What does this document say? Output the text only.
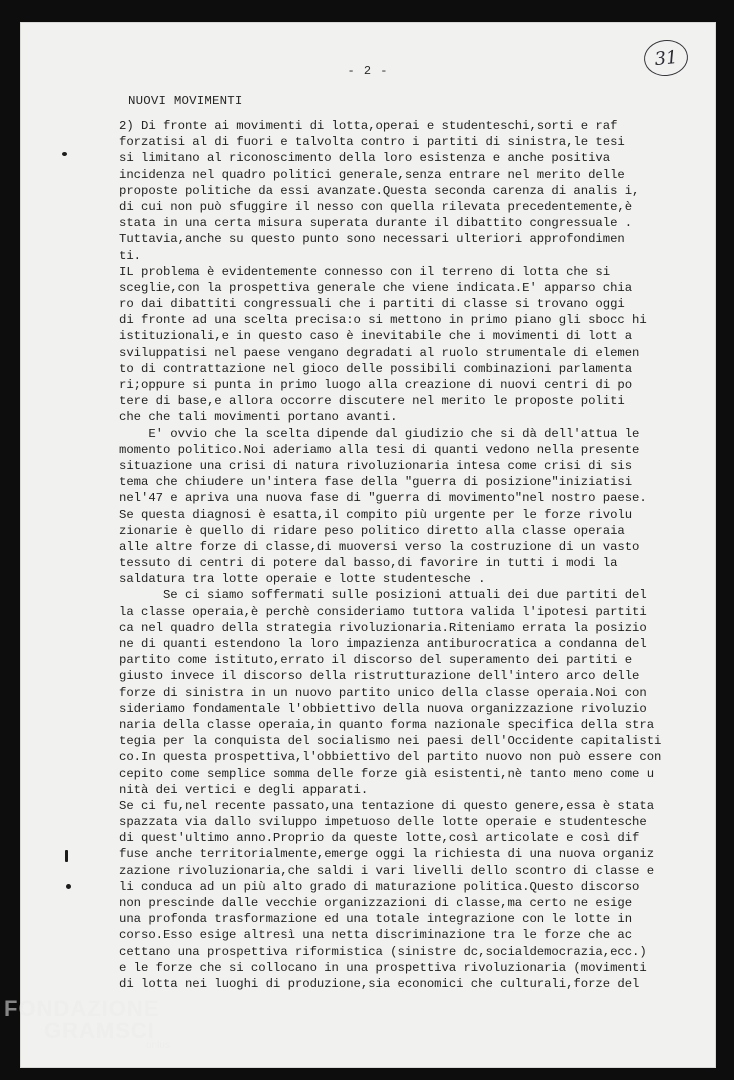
- 2 -
31
NUOVI MOVIMENTI
2) Di fronte ai movimenti di lotta,operai e studenteschi,sorti e raf
forzatisi al di fuori e talvolta contro i partiti di sinistra,le tesi
si limitano al riconoscimento della loro esistenza e anche positiva
incidenza nel quadro politici generale,senza entrare nel merito delle
proposte politiche da essi avanzate.Questa seconda carenza di analis i,
di cui non può sfuggire il nesso con quella rilevata precedentemente,è
stata in una certa misura superata durante il dibattito congressuale .
Tuttavia,anche su questo punto sono necessari ulteriori approfondimen
ti.
IL problema è evidentemente connesso con il terreno di lotta che si
sceglie,con la prospettiva generale che viene indicata.E' apparso chia
ro dai dibattiti congressuali che i partiti di classe si trovano oggi
di fronte ad una scelta precisa:o si mettono in primo piano gli sbocc hi
istituzionali,e in questo caso è inevitabile che i movimenti di lott a
sviluppatisi nel paese vengano degradati al ruolo strumentale di elemen
to di contrattazione nel gioco delle possibili combinazioni parlamenta
ri;oppure si punta in primo luogo alla creazione di nuovi centri di po
tere di base,e allora occorre discutere nel merito le proposte politi
che che tali movimenti portano avanti.
E' ovvio che la scelta dipende dal giudizio che si dà dell'attua le
momento politico.Noi aderiamo alla tesi di quanti vedono nella presente
situazione una crisi di natura rivoluzionaria intesa come crisi di sis
tema che chiudere un'intera fase della "guerra di posizione"iniziatisi
nel'47 e apriva una nuova fase di "guerra di movimento"nel nostro paese.
Se questa diagnosi è esatta,il compito più urgente per le forze rivolu
zionarie è quello di ridare peso politico diretto alla classe operaia
alle altre forze di classe,di muoversi verso la costruzione di un vasto
tessuto di centri di potere dal basso,di favorire in tutti i modi la
saldatura tra lotte operaie e lotte studentesche .
Se ci siamo soffermati sulle posizioni attuali dei due partiti del
la classe operaia,è perchè consideriamo tuttora valida l'ipotesi partiti
ca nel quadro della strategia rivoluzionaria.Riteniamo errata la posizio
ne di quanti estendono la loro impazienza antiburocratica a condanna del
partito come istituto,errato il discorso del superamento dei partiti e
giusto invece il discorso della ristrutturazione dell'intero arco delle
forze di sinistra in un nuovo partito unico della classe operaia.Noi con
sideriamo fondamentale l'obbiettivo della nuova organizzazione rivoluzio
naria della classe operaia,in quanto forma nazionale specifica della stra
tegia per la conquista del socialismo nei paesi dell'Occidente capitalisti
co.In questa prospettiva,l'obbiettivo del partito nuovo non può essere con
cepito come semplice somma delle forze già esistenti,nè tanto meno come u
nità dei vertici e degli apparati.
Se ci fu,nel recente passato,una tentazione di questo genere,essa è stata
spazzata via dallo sviluppo impetuoso delle lotte operaie e studentesche
di quest'ultimo anno.Proprio da queste lotte,così articolate e così dif
fuse anche territorialmente,emerge oggi la richiesta di una nuova organiz
zazione rivoluzionaria,che saldi i vari livelli dello scontro di classe e
li conduca ad un più alto grado di maturazione politica.Questo discorso
non prescinde dalle vecchie organizzazioni di classe,ma certo ne esige
una profonda trasformazione ed una totale integrazione con le lotte in
corso.Esso esige altresì una netta discriminazione tra le forze che ac
cettano una prospettiva riformistica (sinistre dc,socialdemocrazia,ecc.)
e le forze che si collocano in una prospettiva rivoluzionaria (movimenti
di lotta nei luoghi di produzione,sia economici che culturali,forze del
FONDAZIONE
GRAMSCI
onlus
